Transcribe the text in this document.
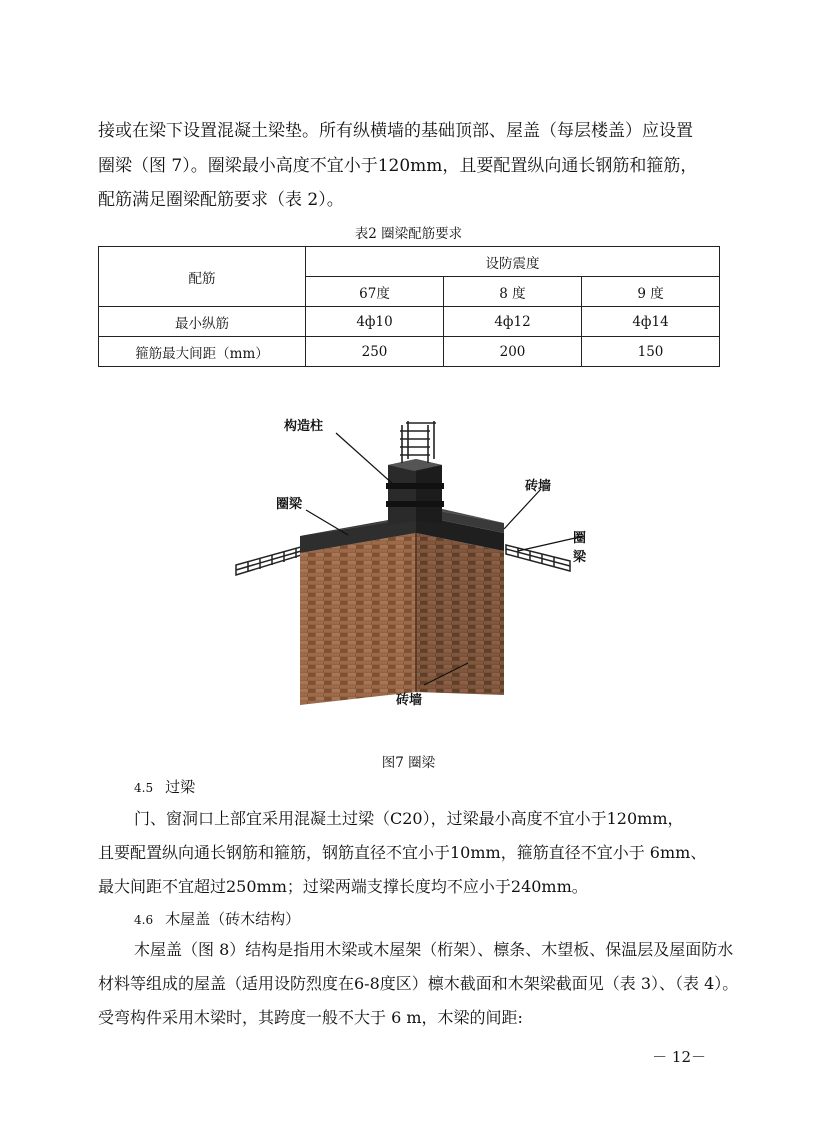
接或在梁下设置混凝土梁垫。所有纵横墙的基础顶部、屋盖（每层楼盖）应设置
圈梁（图 7）。圈梁最小高度不宜小于120mm，且要配置纵向通长钢筋和箍筋，
配筋满足圈梁配筋要求（表 2）。
表2 圈梁配筋要求
配筋	设防震度		
	67度	8 度	9 度
最小纵筋	4ф10	4ф12	4ф14
箍筋最大间距（mm）	250	200	150
构造柱
圈梁
砖墙
圈梁
砖墙
图7 圈梁
4.5 过梁
门、窗洞口上部宜采用混凝土过梁（C20），过梁最小高度不宜小于120mm，
且要配置纵向通长钢筋和箍筋，钢筋直径不宜小于10mm，箍筋直径不宜小于 6mm、
最大间距不宜超过250mm；过梁两端支撑长度均不应小于240mm。
4.6 木屋盖（砖木结构）
木屋盖（图 8）结构是指用木梁或木屋架（桁架）、檩条、木望板、保温层及屋面防水
材料等组成的屋盖（适用设防烈度在6-8度区）檩木截面和木架梁截面见（表 3）、（表 4）。
受弯构件采用木梁时，其跨度一般不大于 6 m，木梁的间距:
－ 12－
